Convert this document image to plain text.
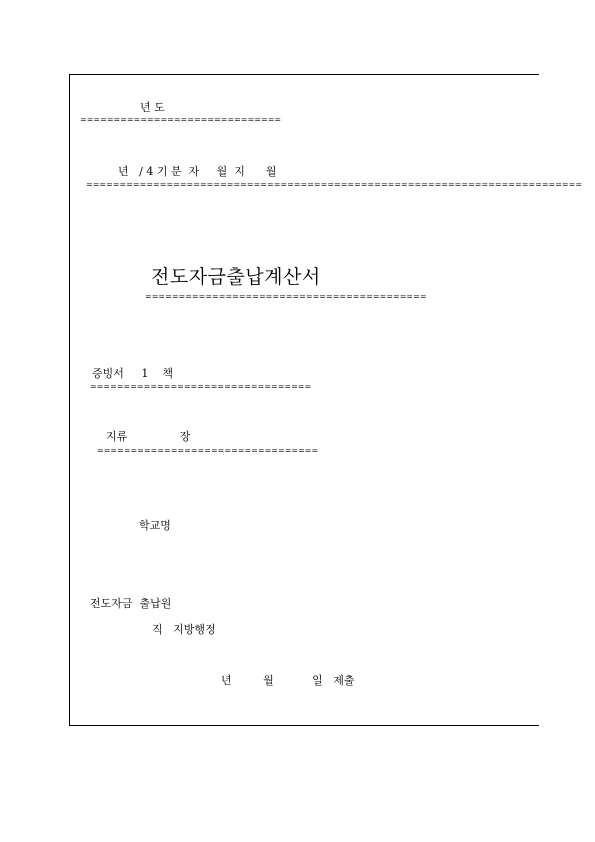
년 도
==============================
년   / 4 기 분  자     월  지      월
==========================================================================
전도자금출납계산서
==========================================
증빙서     1    책
=================================
지류               장
=================================
학교명
전도자금  출납원
직   지방행정
년         월           일   제출
